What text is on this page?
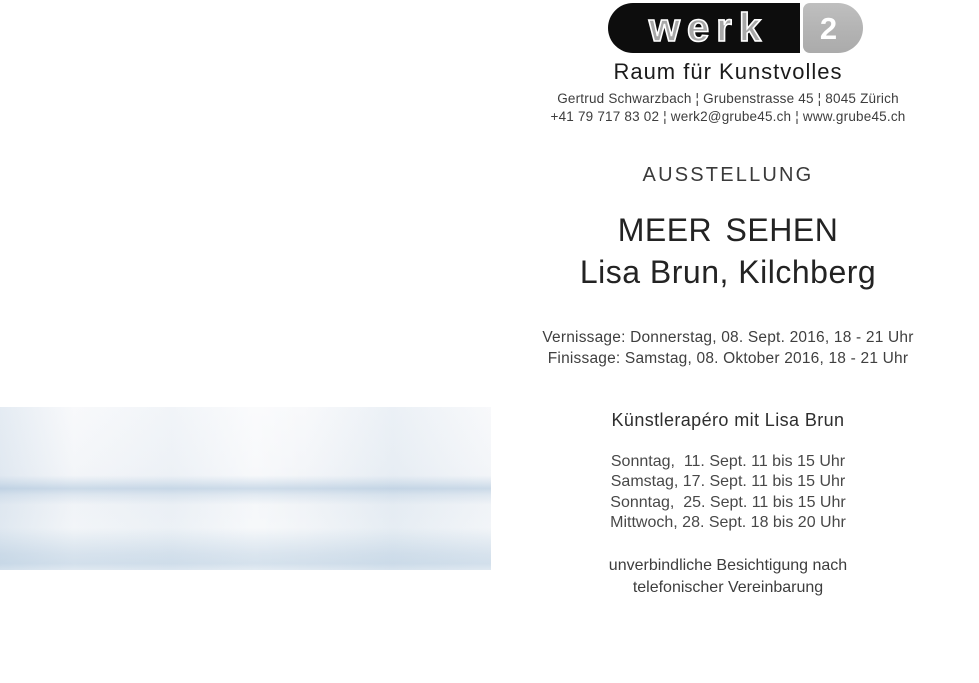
werk 2
Raum für Kunstvolles
Gertrud Schwarzbach ¦ Grubenstrasse 45 ¦ 8045 Zürich
+41 79 717 83 02 ¦ werk2@grube45.ch ¦ www.grube45.ch
AUSSTELLUNG
MEER SEHEN
Lisa Brun, Kilchberg
Vernissage: Donnerstag, 08. Sept. 2016, 18 - 21 Uhr
Finissage: Samstag, 08. Oktober 2016, 18 - 21 Uhr
Künstlerapéro mit Lisa Brun
Sonntag,  11. Sept. 11 bis 15 Uhr
Samstag, 17. Sept. 11 bis 15 Uhr
Sonntag,  25. Sept. 11 bis 15 Uhr
Mittwoch, 28. Sept. 18 bis 20 Uhr
unverbindliche Besichtigung nach
telefonischer Vereinbarung
